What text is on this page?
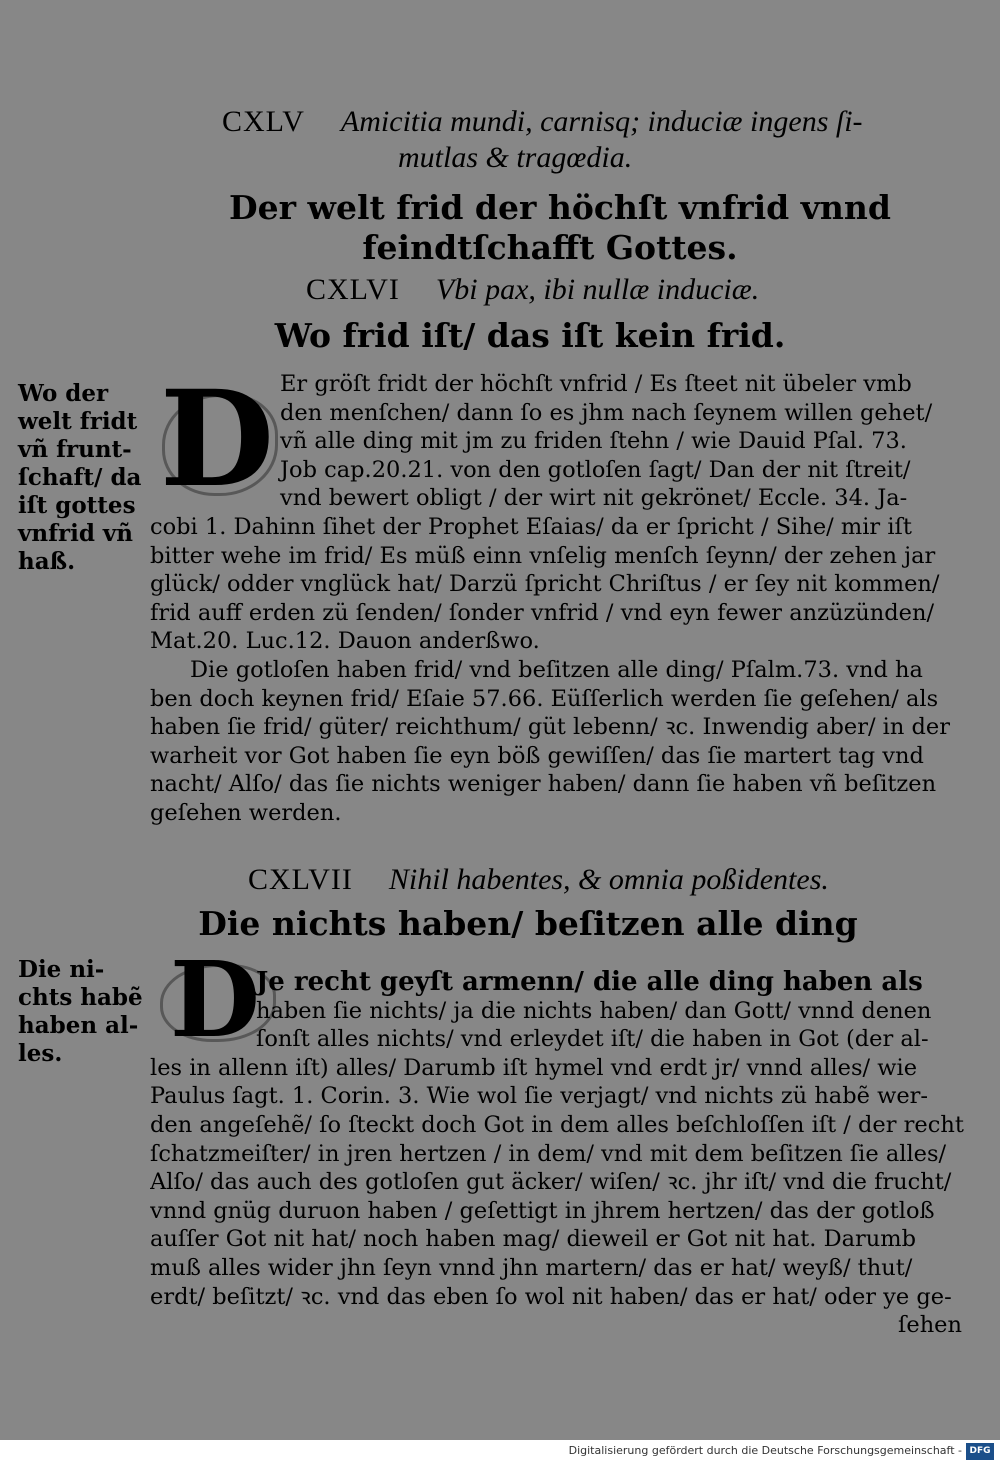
CXLV Amicitia mundi, carnisq; induciæ ingens ſi-
mutlas & tragœdia.
Der welt frid der höchſt vnfrid vnnd
feindtſchafft Gottes.
CXLVI Vbi pax, ibi nullæ induciæ.
Wo frid iſt/ das iſt kein frid.
Wo der
welt fridt
vñ frunt-
ſchaft/ da
iſt gottes
vnfrid vñ
haß.
D Er gröſt fridt der höchſt vnfrid / Es ſteet nit übeler vmb
den menſchen/ dann ſo es jhm nach ſeynem willen gehet/
vñ alle ding mit jm zu friden ſtehn / wie Dauid Pſal. 73.
Job cap.20.21. von den gotloſen ſagt/ Dan der nit ſtreit/
vnd bewert obligt / der wirt nit gekrönet/ Eccle. 34. Ja-
cobi 1. Dahinn ſihet der Prophet Eſaias/ da er ſpricht / Sihe/ mir iſt
bitter wehe im frid/ Es müß einn vnſelig menſch ſeynn/ der zehen jar
glück/ odder vnglück hat/ Darzü ſpricht Chriſtus / er ſey nit kommen/
frid auff erden zü ſenden/ ſonder vnfrid / vnd eyn fewer anzüzünden/
Mat.20. Luc.12. Dauon anderßwo.
Die gotloſen haben frid/ vnd beſitzen alle ding/ Pſalm.73. vnd ha
ben doch keynen frid/ Eſaie 57.66. Eüſſerlich werden ſie geſehen/ als
haben ſie frid/ güter/ reichthum/ güt lebenn/ ꝛc. Inwendig aber/ in der
warheit vor Got haben ſie eyn böß gewiſſen/ das ſie martert tag vnd
nacht/ Alſo/ das ſie nichts weniger haben/ dann ſie haben vñ beſitzen
geſehen werden.
CXLVII Nihil habentes, & omnia poßidentes.
Die nichts haben/ beſitzen alle ding
Die ni-
chts habẽ
haben al-
les.	D
Je recht geyſt armenn/ die alle ding haben als
haben ſie nichts/ ja die nichts haben/ dan Gott/ vnnd denen
ſonſt alles nichts/ vnd erleydet iſt/ die haben in Got (der al-
les in allenn iſt) alles/ Darumb iſt hymel vnd erdt jr/ vnnd alles/ wie
Paulus ſagt. 1. Corin. 3. Wie wol ſie verjagt/ vnd nichts zü habẽ wer-
den angeſehẽ/ ſo ſteckt doch Got in dem alles beſchloſſen iſt / der recht
ſchatzmeiſter/ in jren hertzen / in dem/ vnd mit dem beſitzen ſie alles/
Alſo/ das auch des gotloſen gut äcker/ wiſen/ ꝛc. jhr iſt/ vnd die frucht/
vnnd gnüg duruon haben / geſettigt in jhrem hertzen/ das der gotloß
auſſer Got nit hat/ noch haben mag/ dieweil er Got nit hat. Darumb
muß alles wider jhn ſeyn vnnd jhn martern/ das er hat/ weyß/ thut/
erdt/ beſitzt/ ꝛc. vnd das eben ſo wol nit haben/ das er hat/ oder ye ge-
ſehen
Digitalisierung gefördert durch die Deutsche Forschungsgemeinschaft - DFG
